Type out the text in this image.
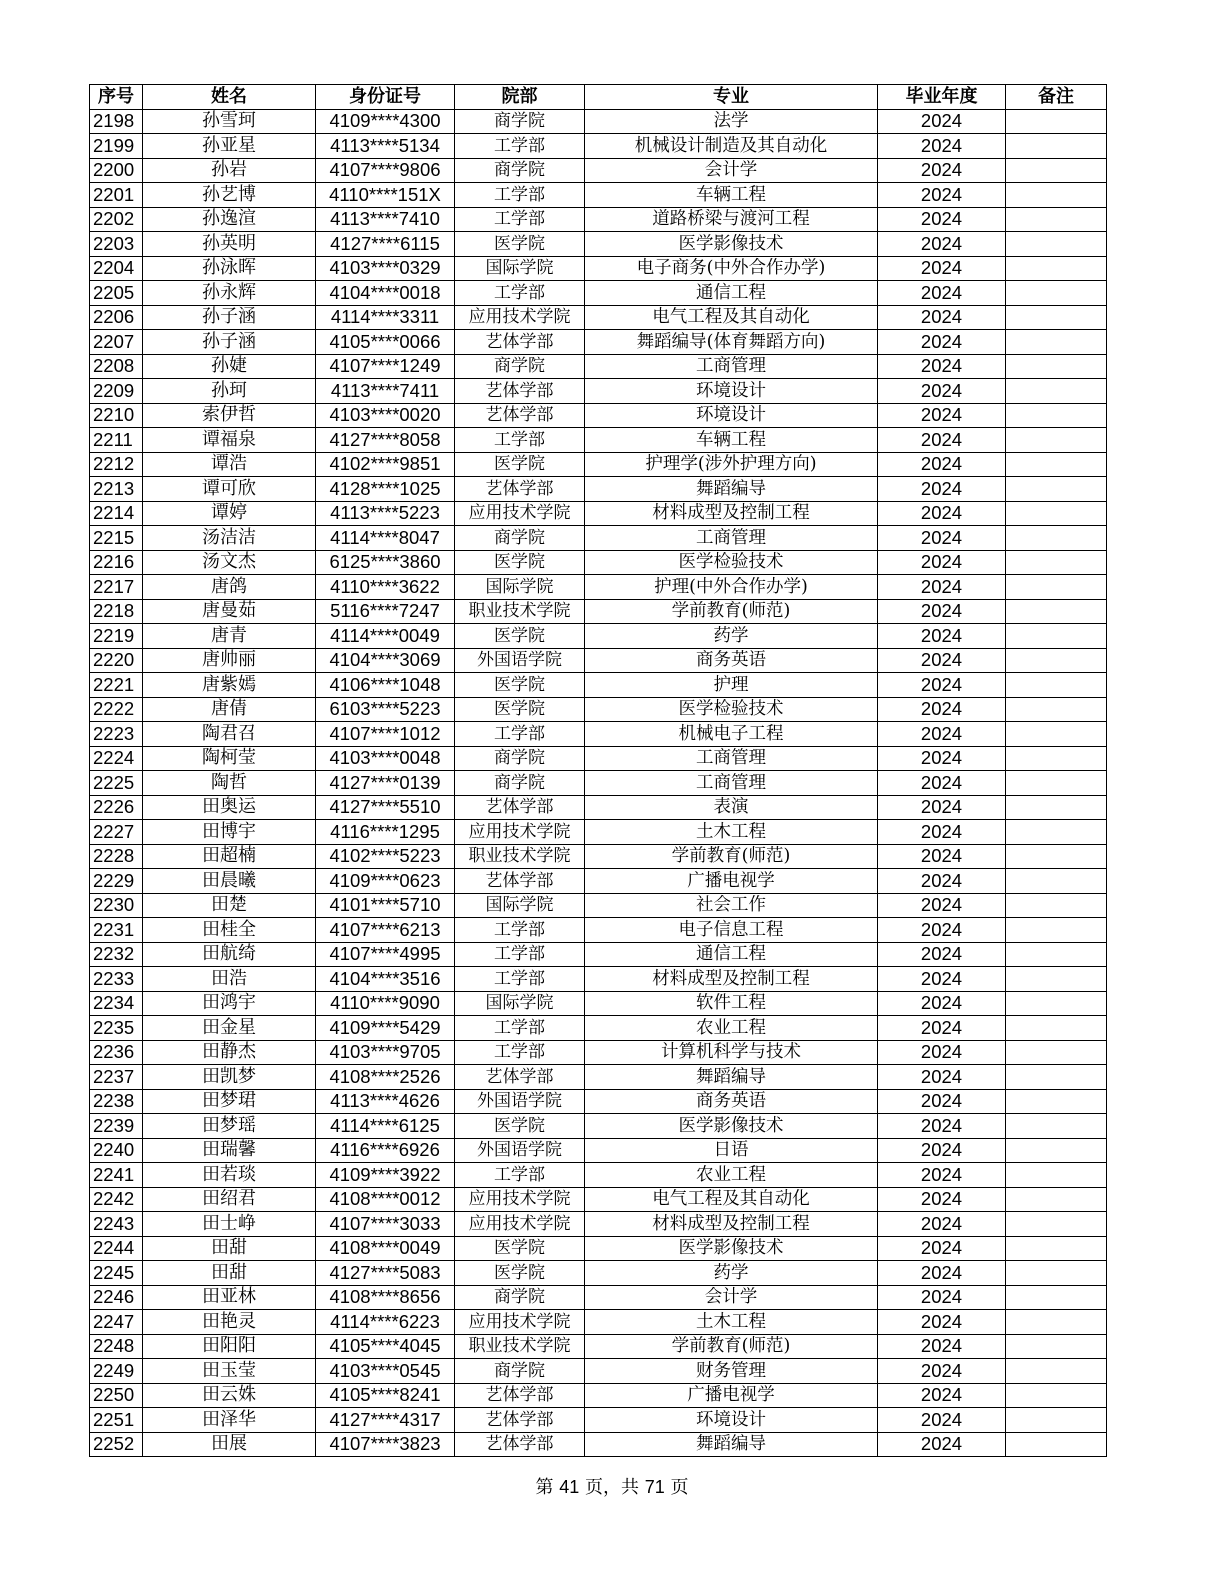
序号	姓名	身份证号	院部	专业	毕业年度	备注
2198	孙雪珂	4109****4300	商学院	法学	2024	
2199	孙亚星	4113****5134	工学部	机械设计制造及其自动化	2024	
2200	孙岩	4107****9806	商学院	会计学	2024	
2201	孙艺博	4110****151X	工学部	车辆工程	2024	
2202	孙逸渲	4113****7410	工学部	道路桥梁与渡河工程	2024	
2203	孙英明	4127****6115	医学院	医学影像技术	2024	
2204	孙泳晖	4103****0329	国际学院	电子商务(中外合作办学)	2024	
2205	孙永辉	4104****0018	工学部	通信工程	2024	
2206	孙子涵	4114****3311	应用技术学院	电气工程及其自动化	2024	
2207	孙子涵	4105****0066	艺体学部	舞蹈编导(体育舞蹈方向)	2024	
2208	孙婕	4107****1249	商学院	工商管理	2024	
2209	孙珂	4113****7411	艺体学部	环境设计	2024	
2210	索伊哲	4103****0020	艺体学部	环境设计	2024	
2211	谭福泉	4127****8058	工学部	车辆工程	2024	
2212	谭浩	4102****9851	医学院	护理学(涉外护理方向)	2024	
2213	谭可欣	4128****1025	艺体学部	舞蹈编导	2024	
2214	谭婷	4113****5223	应用技术学院	材料成型及控制工程	2024	
2215	汤洁洁	4114****8047	商学院	工商管理	2024	
2216	汤文杰	6125****3860	医学院	医学检验技术	2024	
2217	唐鸽	4110****3622	国际学院	护理(中外合作办学)	2024	
2218	唐曼茹	5116****7247	职业技术学院	学前教育(师范)	2024	
2219	唐青	4114****0049	医学院	药学	2024	
2220	唐帅丽	4104****3069	外国语学院	商务英语	2024	
2221	唐紫嫣	4106****1048	医学院	护理	2024	
2222	唐倩	6103****5223	医学院	医学检验技术	2024	
2223	陶君召	4107****1012	工学部	机械电子工程	2024	
2224	陶柯莹	4103****0048	商学院	工商管理	2024	
2225	陶哲	4127****0139	商学院	工商管理	2024	
2226	田奥运	4127****5510	艺体学部	表演	2024	
2227	田博宇	4116****1295	应用技术学院	土木工程	2024	
2228	田超楠	4102****5223	职业技术学院	学前教育(师范)	2024	
2229	田晨曦	4109****0623	艺体学部	广播电视学	2024	
2230	田楚	4101****5710	国际学院	社会工作	2024	
2231	田桂全	4107****6213	工学部	电子信息工程	2024	
2232	田航绮	4107****4995	工学部	通信工程	2024	
2233	田浩	4104****3516	工学部	材料成型及控制工程	2024	
2234	田鸿宇	4110****9090	国际学院	软件工程	2024	
2235	田金星	4109****5429	工学部	农业工程	2024	
2236	田静杰	4103****9705	工学部	计算机科学与技术	2024	
2237	田凯梦	4108****2526	艺体学部	舞蹈编导	2024	
2238	田梦珺	4113****4626	外国语学院	商务英语	2024	
2239	田梦瑶	4114****6125	医学院	医学影像技术	2024	
2240	田瑞馨	4116****6926	外国语学院	日语	2024	
2241	田若琰	4109****3922	工学部	农业工程	2024	
2242	田绍君	4108****0012	应用技术学院	电气工程及其自动化	2024	
2243	田士峥	4107****3033	应用技术学院	材料成型及控制工程	2024	
2244	田甜	4108****0049	医学院	医学影像技术	2024	
2245	田甜	4127****5083	医学院	药学	2024	
2246	田亚林	4108****8656	商学院	会计学	2024	
2247	田艳灵	4114****6223	应用技术学院	土木工程	2024	
2248	田阳阳	4105****4045	职业技术学院	学前教育(师范)	2024	
2249	田玉莹	4103****0545	商学院	财务管理	2024	
2250	田云姝	4105****8241	艺体学部	广播电视学	2024	
2251	田泽华	4127****4317	艺体学部	环境设计	2024	
2252	田展	4107****3823	艺体学部	舞蹈编导	2024	
第 41 页，共 71 页
